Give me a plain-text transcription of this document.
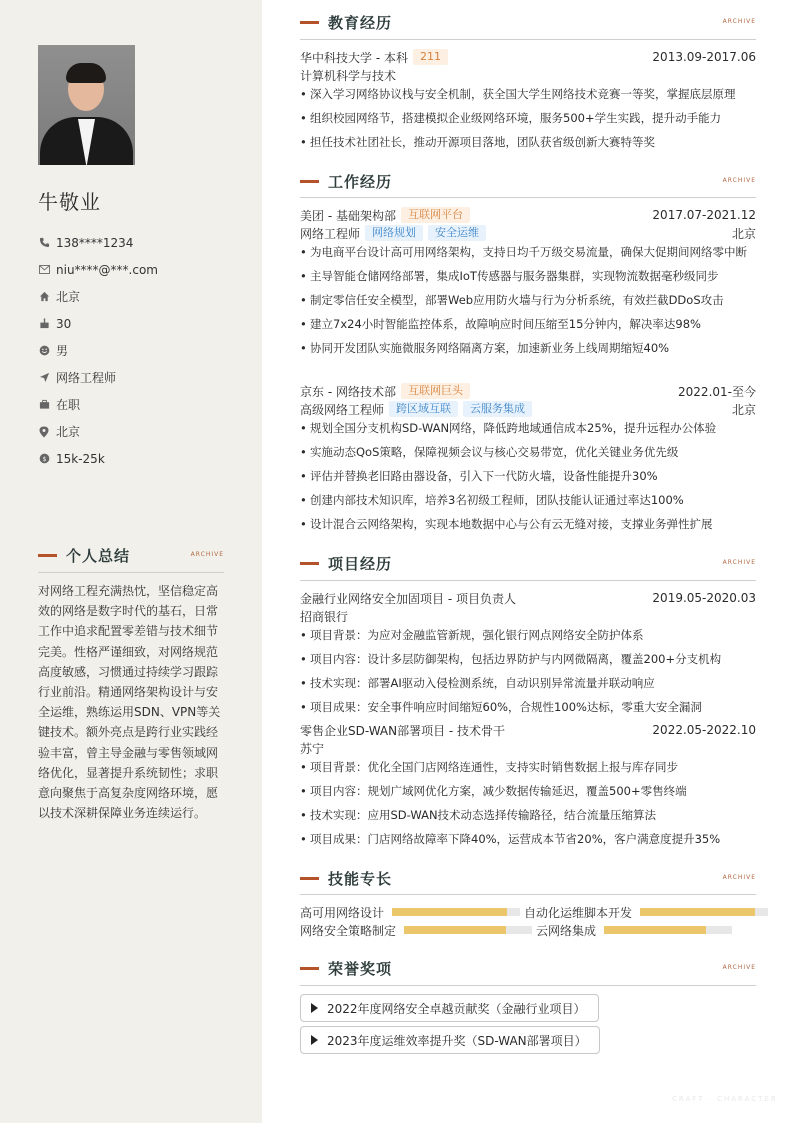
牛敬业
138****1234
niu****@***.com
北京
30
男
网络工程师
在职
北京
$ 15k-25k
个人总结	ARCHIVE
对网络工程充满热忱，坚信稳定高效的网络是数字时代的基石，日常工作中追求配置零差错与技术细节完美。性格严谨细致，对网络规范高度敏感，习惯通过持续学习跟踪行业前沿。精通网络架构设计与安全运维，熟练运用SDN、VPN等关键技术。额外亮点是跨行业实践经验丰富，曾主导金融与零售领域网络优化，显著提升系统韧性；求职意向聚焦于高复杂度网络环境，愿以技术深耕保障业务连续运行。
教育经历	ARCHIVE
华中科技大学 - 本科	211	2013.09-2017.06
计算机科学与技术
• 深入学习网络协议栈与安全机制，获全国大学生网络技术竞赛一等奖，掌握底层原理
• 组织校园网络节，搭建模拟企业级网络环境，服务500+学生实践，提升动手能力
• 担任技术社团社长，推动开源项目落地，团队获省级创新大赛特等奖
工作经历	ARCHIVE
美团 - 基础架构部	互联网平台	2017.07-2021.12
网络工程师	网络规划	安全运维	北京
• 为电商平台设计高可用网络架构，支持日均千万级交易流量，确保大促期间网络零中断
• 主导智能仓储网络部署，集成IoT传感器与服务器集群，实现物流数据毫秒级同步
• 制定零信任安全模型，部署Web应用防火墙与行为分析系统，有效拦截DDoS攻击
• 建立7x24小时智能监控体系，故障响应时间压缩至15分钟内，解决率达98%
• 协同开发团队实施微服务网络隔离方案，加速新业务上线周期缩短40%
京东 - 网络技术部	互联网巨头	2022.01-至今
高级网络工程师	跨区域互联	云服务集成	北京
• 规划全国分支机构SD-WAN网络，降低跨地域通信成本25%，提升远程办公体验
• 实施动态QoS策略，保障视频会议与核心交易带宽，优化关键业务优先级
• 评估并替换老旧路由器设备，引入下一代防火墙，设备性能提升30%
• 创建内部技术知识库，培养3名初级工程师，团队技能认证通过率达100%
• 设计混合云网络架构，实现本地数据中心与公有云无缝对接，支撑业务弹性扩展
项目经历	ARCHIVE
金融行业网络安全加固项目 - 项目负责人	2019.05-2020.03
招商银行
• 项目背景：为应对金融监管新规，强化银行网点网络安全防护体系
• 项目内容：设计多层防御架构，包括边界防护与内网微隔离，覆盖200+分支机构
• 技术实现：部署AI驱动入侵检测系统，自动识别异常流量并联动响应
• 项目成果：安全事件响应时间缩短60%，合规性100%达标，零重大安全漏洞
零售企业SD-WAN部署项目 - 技术骨干	2022.05-2022.10
苏宁
• 项目背景：优化全国门店网络连通性，支持实时销售数据上报与库存同步
• 项目内容：规划广域网优化方案，减少数据传输延迟，覆盖500+零售终端
• 技术实现：应用SD-WAN技术动态选择传输路径，结合流量压缩算法
• 项目成果：门店网络故障率下降40%，运营成本节省20%，客户满意度提升35%
技能专长	ARCHIVE
高可用网络设计	自动化运维脚本开发
网络安全策略制定	云网络集成
荣誉奖项	ARCHIVE
2022年度网络安全卓越贡献奖（金融行业项目）
2023年度运维效率提升奖（SD-WAN部署项目）
CRAFT · CHARACTER
